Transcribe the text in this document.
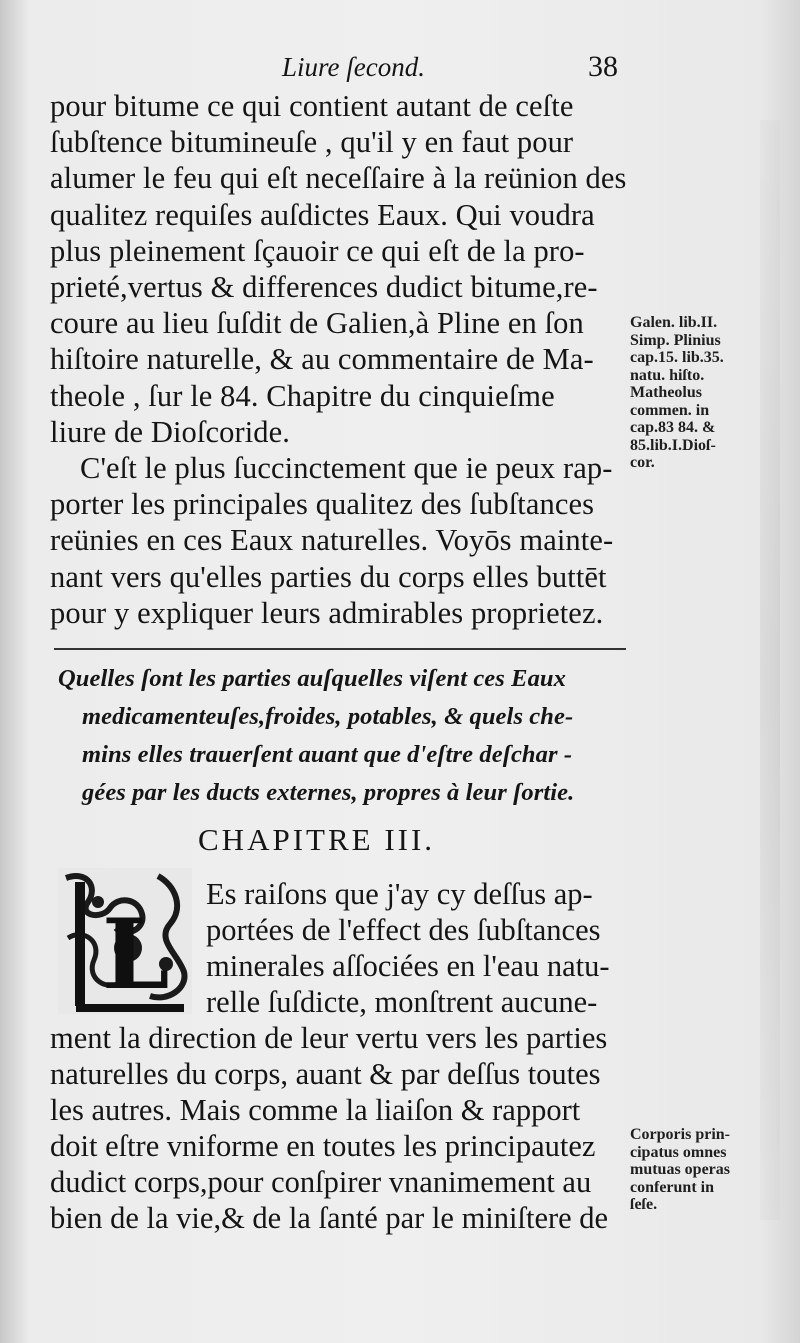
Liure ſecond.	38
pour bitume ce qui contient autant de ceſte
ſubſtence bitumineuſe , qu'il y en faut pour
alumer le feu qui eſt neceſſaire à la reünion des
qualitez requiſes auſdictes Eaux. Qui voudra
plus pleinement ſçauoir ce qui eſt de la pro-
prieté,vertus & differences dudict bitume,re-
coure au lieu ſuſdit de Galien,à Pline en ſon
hiſtoire naturelle, & au commentaire de Ma-
theole , ſur le 84. Chapitre du cinquieſme
liure de Dioſcoride.
C'eſt le plus ſuccinctement que ie peux rap-
porter les principales qualitez des ſubſtances
reünies en ces Eaux naturelles. Voyōs mainte-
nant vers qu'elles parties du corps elles buttēt
pour y expliquer leurs admirables proprietez.
Galen. lib.II.
Simp. Plinius
cap.15. lib.35.
natu. hiſto.
Matheolus
commen. in
cap.83 84. &
85.lib.I.Dioſ-
cor.
Quelles ſont les parties auſquelles viſent ces Eaux
medicamenteuſes,froides, potables, & quels che-
mins elles trauerſent auant que d'eſtre deſchar -
gées par les ducts externes, propres à leur ſortie.
CHAPITRE III.
L
Es raiſons que j'ay cy deſſus ap-
portées de l'effect des ſubſtances
minerales aſſociées en l'eau natu-
relle ſuſdicte, monſtrent aucune-
ment la direction de leur vertu vers les parties
naturelles du corps, auant & par deſſus toutes
les autres. Mais comme la liaiſon & rapport
doit eſtre vniforme en toutes les principautez
dudict corps,pour conſpirer vnanimement au
bien de la vie,& de la ſanté par le miniſtere de
Corporis prin-
cipatus omnes
mutuas operas
conferunt in
ſeſe.
